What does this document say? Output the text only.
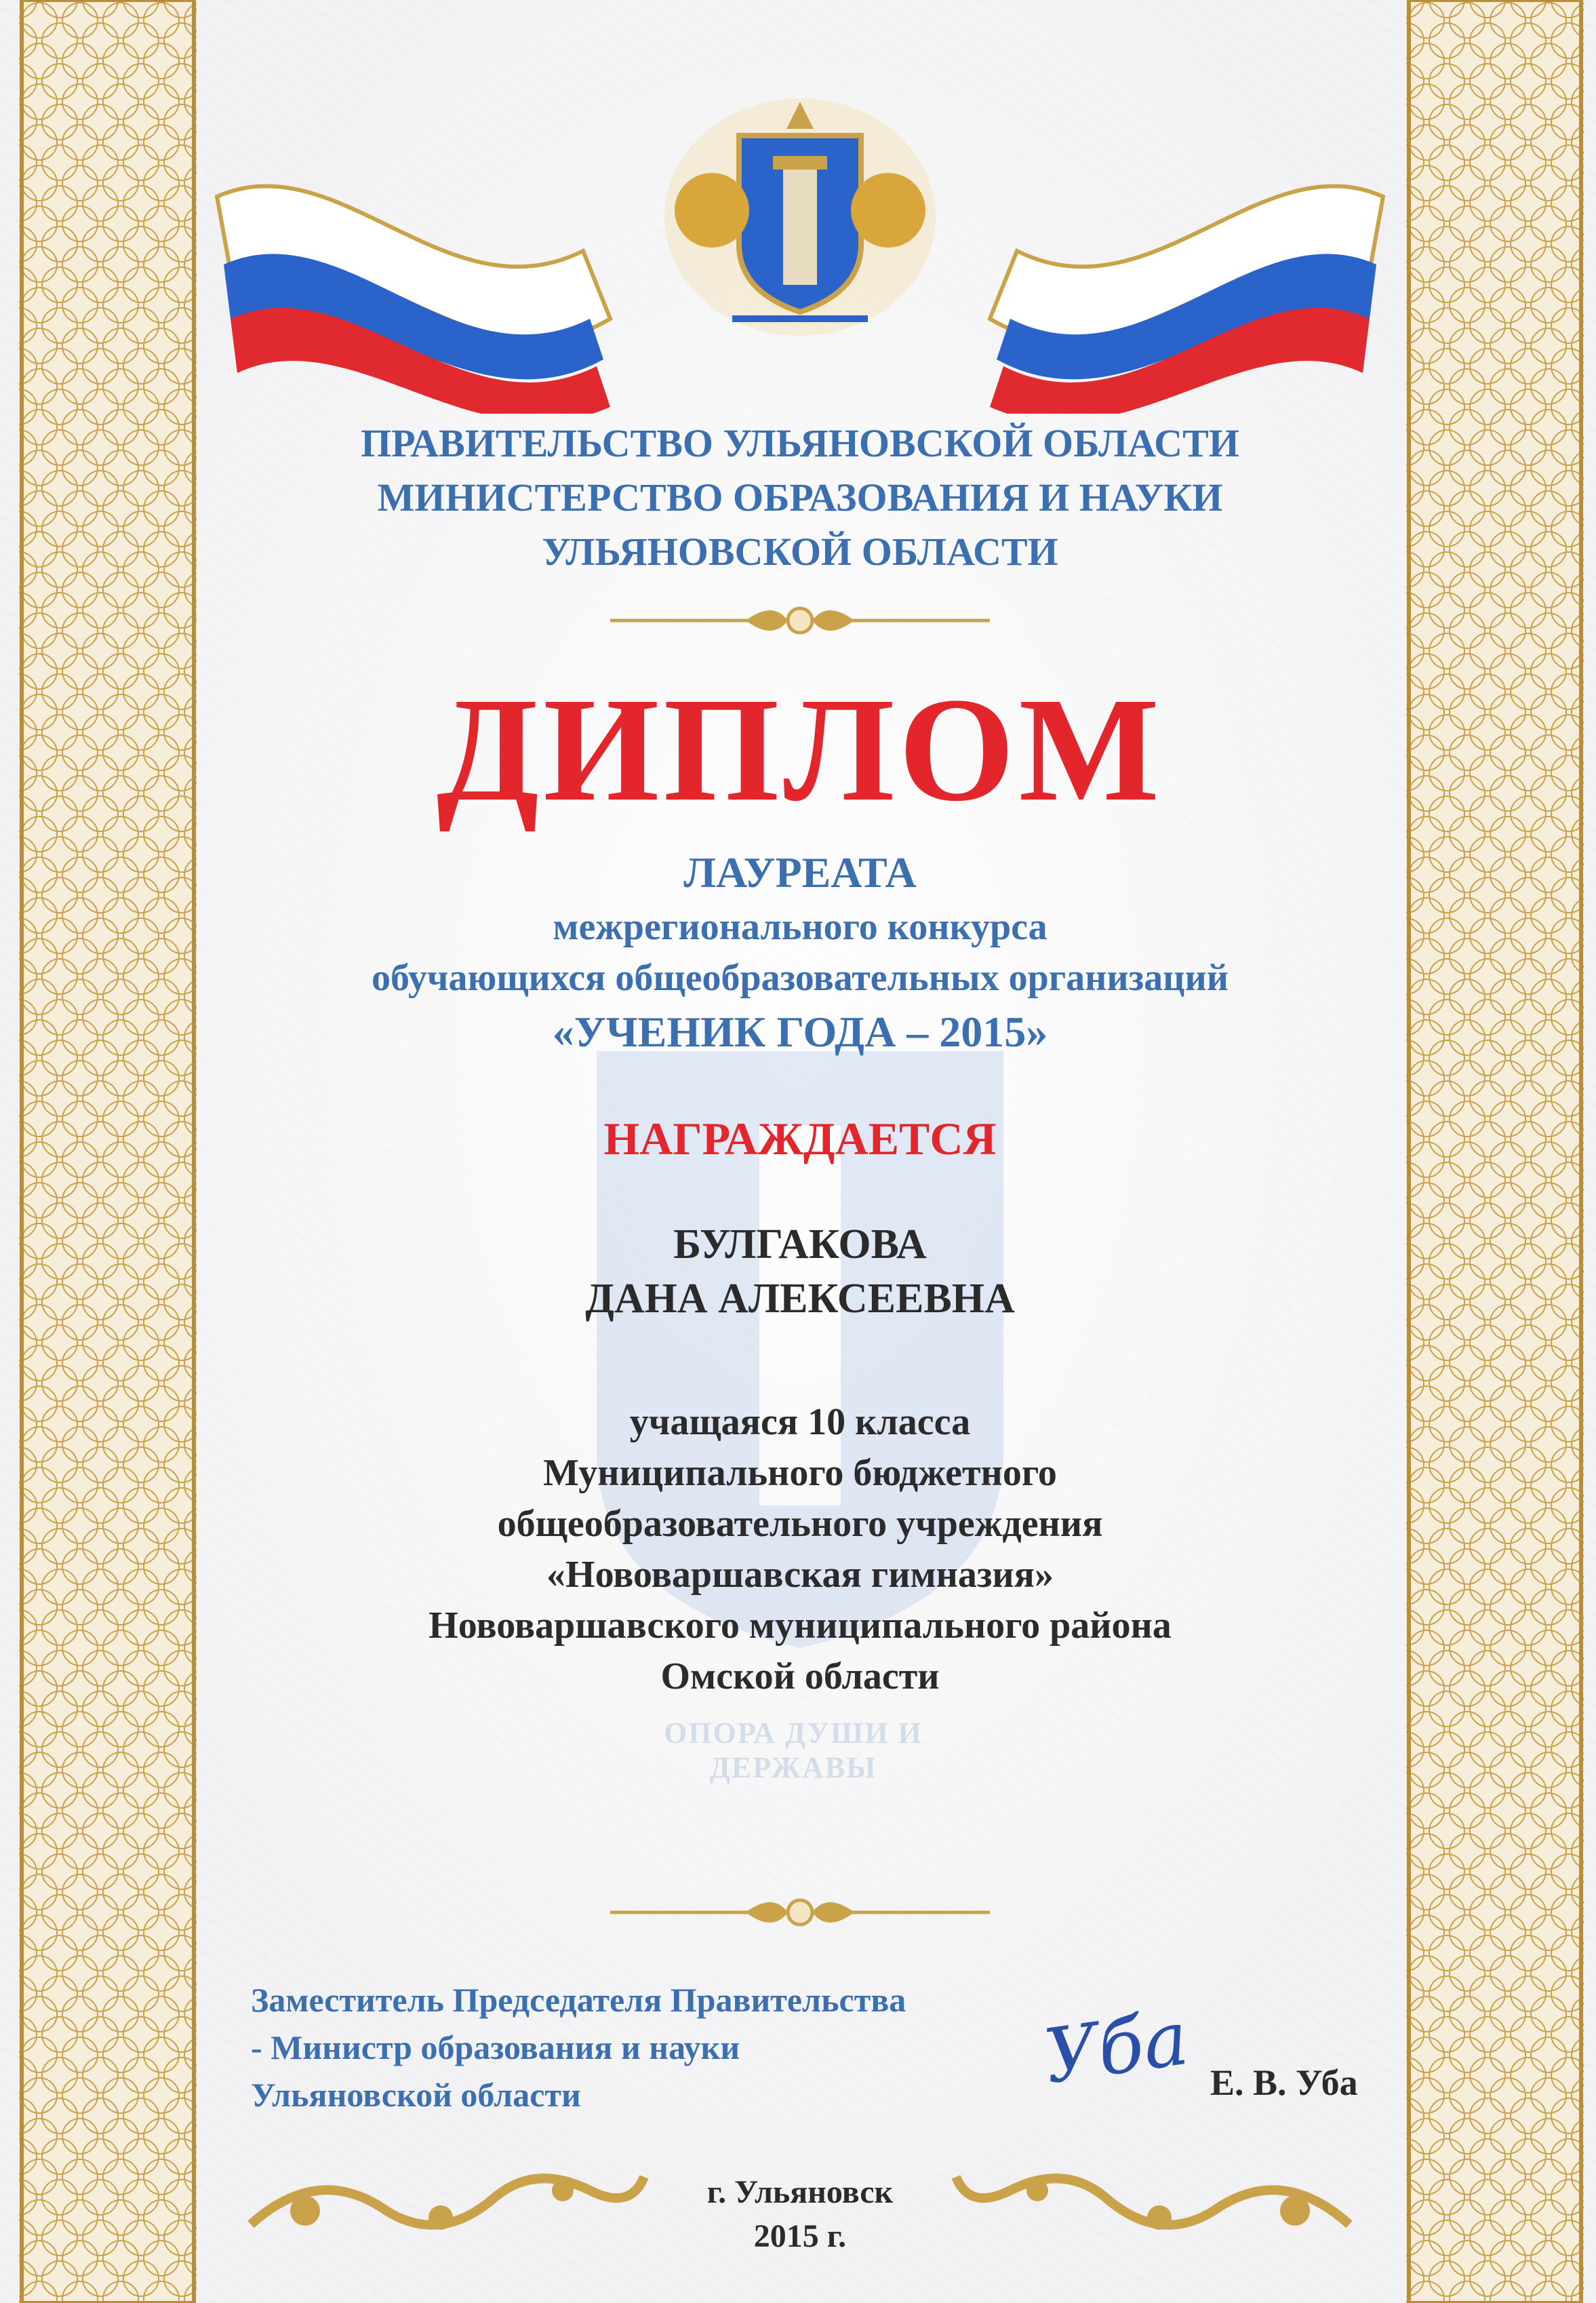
ОПОРА ДУШИ И ДЕРЖАВЫ
ПРАВИТЕЛЬСТВО УЛЬЯНОВСКОЙ ОБЛАСТИ
МИНИСТЕРСТВО ОБРАЗОВАНИЯ И НАУКИ
УЛЬЯНОВСКОЙ ОБЛАСТИ
ДИПЛОМ
ЛАУРЕАТА
межрегионального конкурса
обучающихся общеобразовательных организаций
«УЧЕНИК ГОДА – 2015»
НАГРАЖДАЕТСЯ
БУЛГАКОВА
ДАНА АЛЕКСЕЕВНА
учащаяся 10 класса
Муниципального бюджетного
общеобразовательного учреждения
«Нововаршавская гимназия»
Нововаршавского муниципального района
Омской области
Заместитель Председателя Правительства
- Министр образования и науки
Ульяновской области	Уба Е. В. Уба
г. Ульяновск
2015 г.
